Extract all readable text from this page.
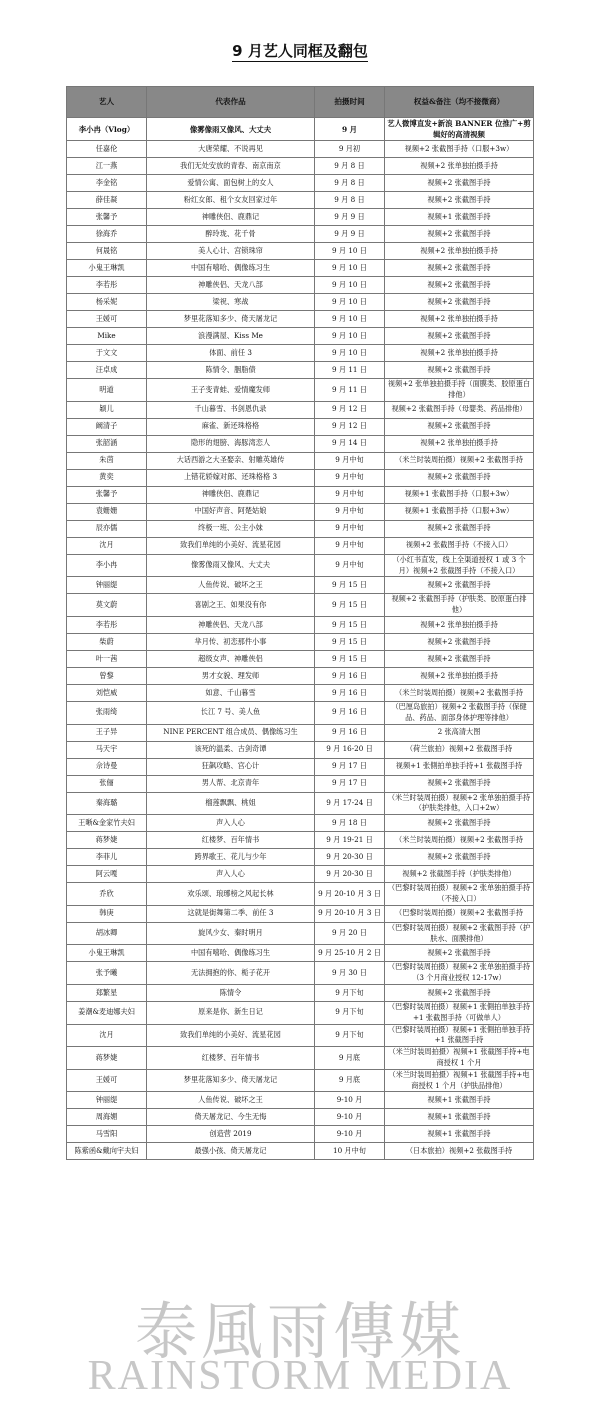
9 月艺人同框及翻包
艺人	代表作品	拍摄时间	权益&备注（均不接微商）
李小冉（Vlog）	像雾像雨又像风、大丈夫	9 月	艺人微博直发+新浪 BANNER 位推广+剪辑好的高清视频
任嘉伦	大唐荣耀、不说再见	9 月初	视频+2 张截图手持（口服+3w）
江一燕	我们无处安放的青春、南京南京	9 月 8 日	视频+2 张单独拍摄手持
李金铭	爱情公寓、面包树上的女人	9 月 8 日	视频+2 张截图手持
薛佳凝	粉红女郎、租个女友回家过年	9 月 8 日	视频+2 张截图手持
张馨予	神雕侠侣、鹿鼎记	9 月 9 日	视频+1 张截图手持
徐海乔	醉玲珑、花千骨	9 月 9 日	视频+2 张截图手持
何晟铭	美人心计、宫锁珠帘	9 月 10 日	视频+2 张单独拍摄手持
小鬼王琳凯	中国有嘻哈、偶像练习生	9 月 10 日	视频+2 张截图手持
李若彤	神雕侠侣、天龙八部	9 月 10 日	视频+2 张截图手持
杨采妮	梁祝、寒战	9 月 10 日	视频+2 张截图手持
王媛可	梦里花落知多少、倚天屠龙记	9 月 10 日	视频+2 张单独拍摄手持
Mike	浪漫满屋、Kiss Me	9 月 10 日	视频+2 张截图手持
于文文	体面、前任 3	9 月 10 日	视频+2 张单独拍摄手持
汪卓成	陈情令、胭脂债	9 月 11 日	视频+2 张截图手持
明道	王子变青蛙、爱情魔发师	9 月 11 日	视频+2 张单独拍摄手持（面膜类、胶原蛋白排他）
颖儿	千山暮雪、书剑恩仇录	9 月 12 日	视频+2 张截图手持（母婴类、药品排他）
阚清子	麻雀、新还珠格格	9 月 12 日	视频+2 张截图手持
张韶涵	隐形的翅膀、海豚湾恋人	9 月 14 日	视频+2 张单独拍摄手持
朱茵	大话西游之大圣娶亲、射雕英雄传	9 月中旬	（米兰时装周拍摄）视频+2 张截图手持
黄奕	上错花轿嫁对郎、还珠格格 3	9 月中旬	视频+2 张截图手持
张馨予	神雕侠侣、鹿鼎记	9 月中旬	视频+1 张截图手持（口服+3w）
袁姗姗	中国好声音、阿楚姑娘	9 月中旬	视频+1 张截图手持（口服+3w）
辰亦儒	终极一班、公主小妹	9 月中旬	视频+2 张截图手持
沈月	致我们单纯的小美好、流星花园	9 月中旬	视频+2 张截图手持（不接入口）
李小冉	像雾像雨又像风、大丈夫	9 月中旬	（小红书直发，线上全渠道授权 1 或 3 个月）视频+2 张截图手持（不接入口）
钟丽缇	人鱼传说、破坏之王	9 月 15 日	视频+2 张截图手持
莫文蔚	喜剧之王、如果没有你	9 月 15 日	视频+2 张截图手持（护肤类、胶原蛋白排他）
李若彤	神雕侠侣、天龙八部	9 月 15 日	视频+2 张单独拍摄手持
柴蔚	芈月传、初恋那件小事	9 月 15 日	视频+2 张截图手持
叶一茜	超级女声、神雕侠侣	9 月 15 日	视频+2 张截图手持
曾黎	男才女貌、理发师	9 月 16 日	视频+2 张单独拍摄手持
刘恺威	如意、千山暮雪	9 月 16 日	（米兰时装周拍摄）视频+2 张截图手持
张雨绮	长江 7 号、美人鱼	9 月 16 日	（巴厘岛旅拍）视频+2 张截图手持（保健品、药品、面部身体护理等排他）
王子异	NINE PERCENT 组合成员、偶像练习生	9 月 16 日	2 张高清大图
马天宇	该死的温柔、古剑奇谭	9 月 16-20 日	（荷兰旅拍）视频+2 张截图手持
佘诗曼	狂飙攻略、宫心计	9 月 17 日	视频+1 张側拍单独手持+1 张截图手持
张俪	男人帮、北京青年	9 月 17 日	视频+2 张截图手持
秦海璐	榴莲飘飘、桃姐	9 月 17-24 日	（米兰时装周拍摄）视频+2 张单独拍摄手持（护肤类排他，入口+2w）
王晰&金家竹夫妇	声入人心	9 月 18 日	视频+2 张截图手持
蒋梦婕	红楼梦、百年情书	9 月 19-21 日	（米兰时装周拍摄）视频+2 张截图手持
李菲儿	跨界歌王、花儿与少年	9 月 20-30 日	视频+2 张截图手持
阿云嘎	声入人心	9 月 20-30 日	视频+2 张截图手持（护肤类排他）
乔欣	欢乐颂、琅琊榜之风起长林	9 月 20-10 月 3 日	（巴黎时装周拍摄）视频+2 张单独拍摄手持（不接入口）
韩庚	这就是街舞第二季、前任 3	9 月 20-10 月 3 日	（巴黎时装周拍摄）视频+2 张截图手持
胡冰卿	旋风少女、秦时明月	9 月 20 日	（巴黎时装周拍摄）视频+2 张截图手持（护肤水、面膜排他）
小鬼王琳凯	中国有嘻哈、偶像练习生	9 月 25-10 月 2 日	视频+2 张截图手持
张予曦	无法拥抱的你、栀子花开	9 月 30 日	（巴黎时装周拍摄）视频+2 张单独拍摄手持（3 个月商业授权 12-17w）
郑繁星	陈情令	9 月下旬	视频+2 张截图手持
姜潮&麦迪娜夫妇	原来是你、新生日记	9 月下旬	（巴黎时装周拍摄）视频+1 张側拍单独手持+1 张截图手持（可做单人）
沈月	致我们单纯的小美好、流星花园	9 月下旬	（巴黎时装周拍摄）视频+1 张側拍单独手持+1 张截图手持
蒋梦婕	红楼梦、百年情书	9 月底	（米兰时装周拍摄）视频+1 张截图手持+电商授权 1 个月
王媛可	梦里花落知多少、倚天屠龙记	9 月底	（米兰时装周拍摄）视频+1 张截图手持+电商授权 1 个月（护肤品排他）
钟丽缇	人鱼传说、破坏之王	9-10 月	视频+1 张截图手持
周海媚	倚天屠龙记、今生无悔	9-10 月	视频+1 张截图手持
马雪阳	创造营 2019	9-10 月	视频+1 张截图手持
陈紫函&戴向宇夫妇	最强小孩、倚天屠龙记	10 月中旬	（日本旅拍）视频+2 张截图手持
泰風雨傳媒
RAINSTORM MEDIA
